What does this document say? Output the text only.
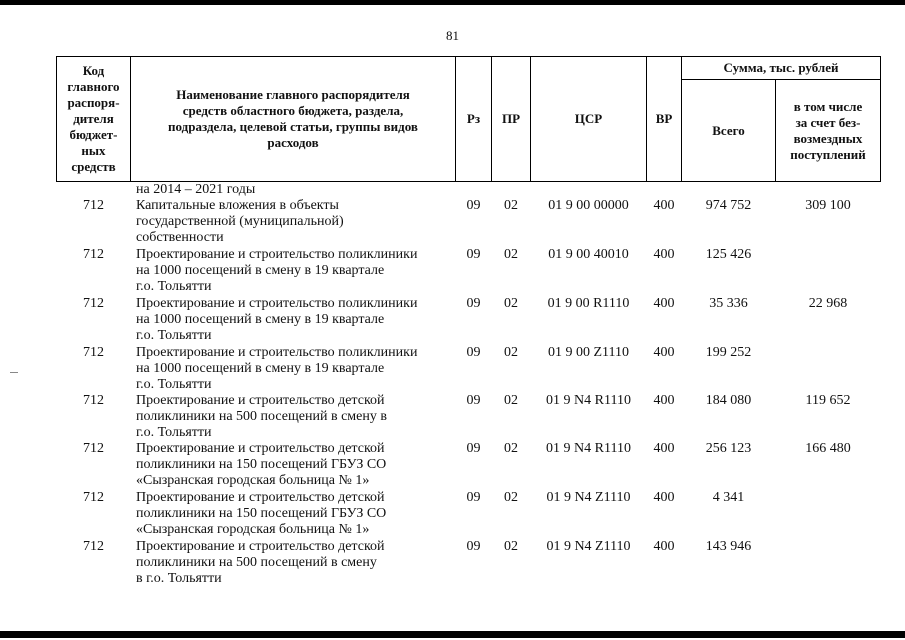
81
Код
главного
распоря-
дителя
бюджет-
ных
средств
Наименование главного распорядителя
средств областного бюджета, раздела,
подраздела, целевой статьи, группы видов
расходов
Рз	ПР	ЦСР	ВР
Сумма, тыс. рублей
Всего
в том числе
за счет без-
возмездных
поступлений
на 2014 – 2021 годы
712	Капитальные вложения в объекты
государственной (муниципальной)
собственности
09	02	01 9 00 00000	400	974 752	309 100
712	Проектирование и строительство поликлиники
на 1000 посещений в смену в 19 квартале
г.о. Тольятти
09	02	01 9 00 40010	400	125 426
712	Проектирование и строительство поликлиники
на 1000 посещений в смену в 19 квартале
г.о. Тольятти
09	02	01 9 00 R1110	400	35 336	22 968
712	Проектирование и строительство поликлиники
на 1000 посещений в смену в 19 квартале
г.о. Тольятти
09	02	01 9 00 Z1110	400	199 252
712	Проектирование и строительство детской
поликлиники на 500 посещений в смену в
г.о. Тольятти
09	02	01 9 N4 R1110	400	184 080	119 652
712	Проектирование и строительство детской
поликлиники на 150 посещений ГБУЗ СО
«Сызранская городская больница № 1»
09	02	01 9 N4 R1110	400	256 123	166 480
712	Проектирование и строительство детской
поликлиники на 150 посещений ГБУЗ СО
«Сызранская городская больница № 1»
09	02	01 9 N4 Z1110	400	4 341
712	Проектирование и строительство детской
поликлиники на 500 посещений в смену
в г.о. Тольятти
09	02	01 9 N4 Z1110	400	143 946
